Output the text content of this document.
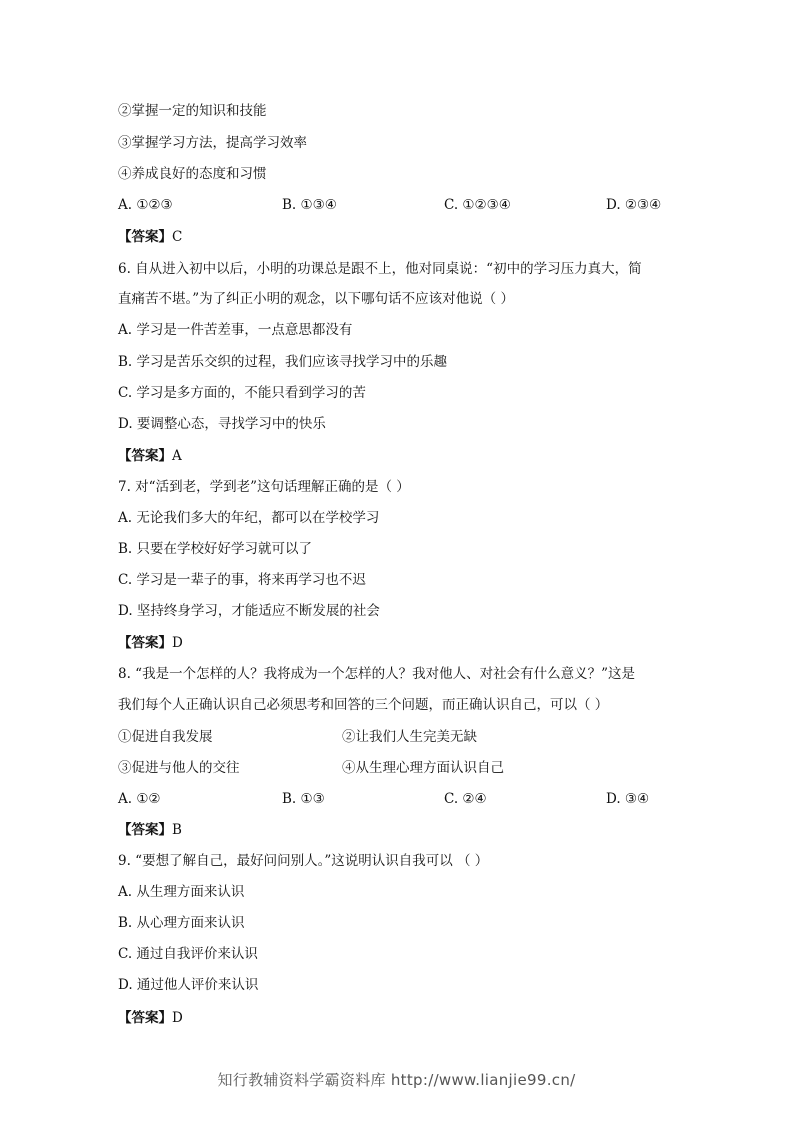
②掌握一定的知识和技能
③掌握学习方法，提高学习效率
④养成良好的态度和习惯
A. ①②③	B. ①③④	C. ①②③④	D. ②③④
【答案】C
6. 自从进入初中以后，小明的功课总是跟不上，他对同桌说：“初中的学习压力真大，简
直痛苦不堪。”为了纠正小明的观念，以下哪句话不应该对他说（ ）
A. 学习是一件苦差事，一点意思都没有
B. 学习是苦乐交织的过程，我们应该寻找学习中的乐趣
C. 学习是多方面的，不能只看到学习的苦
D. 要调整心态，寻找学习中的快乐
【答案】A
7. 对“活到老，学到老”这句话理解正确的是（ ）
A. 无论我们多大的年纪，都可以在学校学习
B. 只要在学校好好学习就可以了
C. 学习是一辈子的事，将来再学习也不迟
D. 坚持终身学习，才能适应不断发展的社会
【答案】D
8. “我是一个怎样的人？我将成为一个怎样的人？我对他人、对社会有什么意义？”这是
我们每个人正确认识自己必须思考和回答的三个问题，而正确认识自己，可以（ ）
①促进自我发展	②让我们人生完美无缺
③促进与他人的交往	④从生理心理方面认识自己
A. ①②	B. ①③	C. ②④	D. ③④
【答案】B
9. “要想了解自己，最好问问别人。”这说明认识自我可以 （ ）
A. 从生理方面来认识
B. 从心理方面来认识
C. 通过自我评价来认识
D. 通过他人评价来认识
【答案】D
知行教辅资料学霸资料库 http://www.lianjie99.cn/
